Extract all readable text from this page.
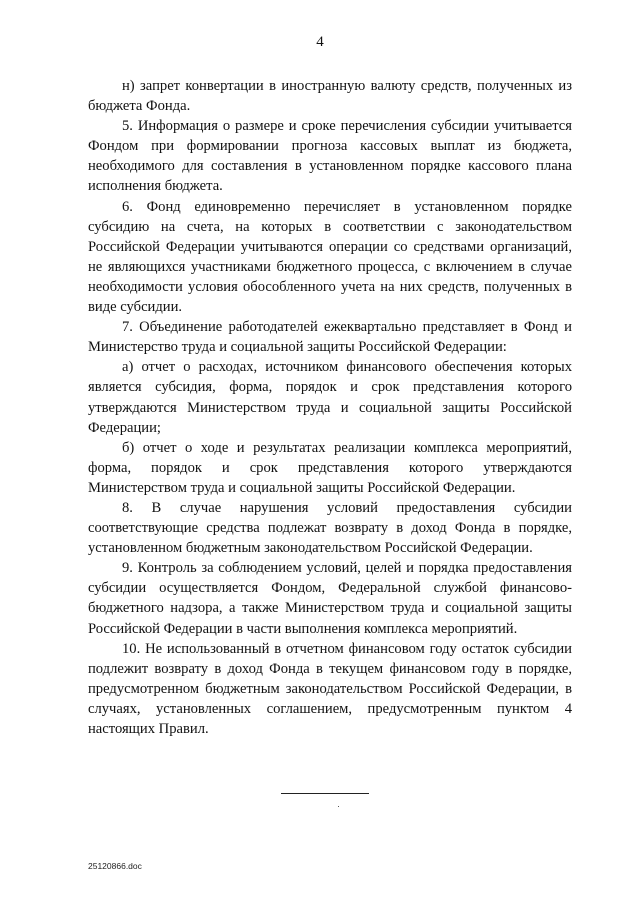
4

н) запрет конвертации в иностранную валюту средств, полученных из бюджета Фонда.

5. Информация о размере и сроке перечисления субсидии учитывается Фондом при формировании прогноза кассовых выплат из бюджета, необходимого для составления в установленном порядке кассового плана исполнения бюджета.

6. Фонд единовременно перечисляет в установленном порядке субсидию на счета, на которых в соответствии с законодательством Российской Федерации учитываются операции со средствами организаций, не являющихся участниками бюджетного процесса, с включением в случае необходимости условия обособленного учета на них средств, полученных в виде субсидии.

7. Объединение работодателей ежеквартально представляет в Фонд и Министерство труда и социальной защиты Российской Федерации:

а) отчет о расходах, источником финансового обеспечения которых является субсидия, форма, порядок и срок представления которого утверждаются Министерством труда и социальной защиты Российской Федерации;

б) отчет о ходе и результатах реализации комплекса мероприятий, форма, порядок и срок представления которого утверждаются Министерством труда и социальной защиты Российской Федерации.

8. В случае нарушения условий предоставления субсидии соответствующие средства подлежат возврату в доход Фонда в порядке, установленном бюджетным законодательством Российской Федерации.

9. Контроль за соблюдением условий, целей и порядка предоставления субсидии осуществляется Фондом, Федеральной службой финансово-бюджетного надзора, а также Министерством труда и социальной защиты Российской Федерации в части выполнения комплекса мероприятий.

10. Не использованный в отчетном финансовом году остаток субсидии подлежит возврату в доход Фонда в текущем финансовом году в порядке, предусмотренном бюджетным законодательством Российской Федерации, в случаях, установленных соглашением, предусмотренным пунктом 4 настоящих Правил.

25120866.doc
